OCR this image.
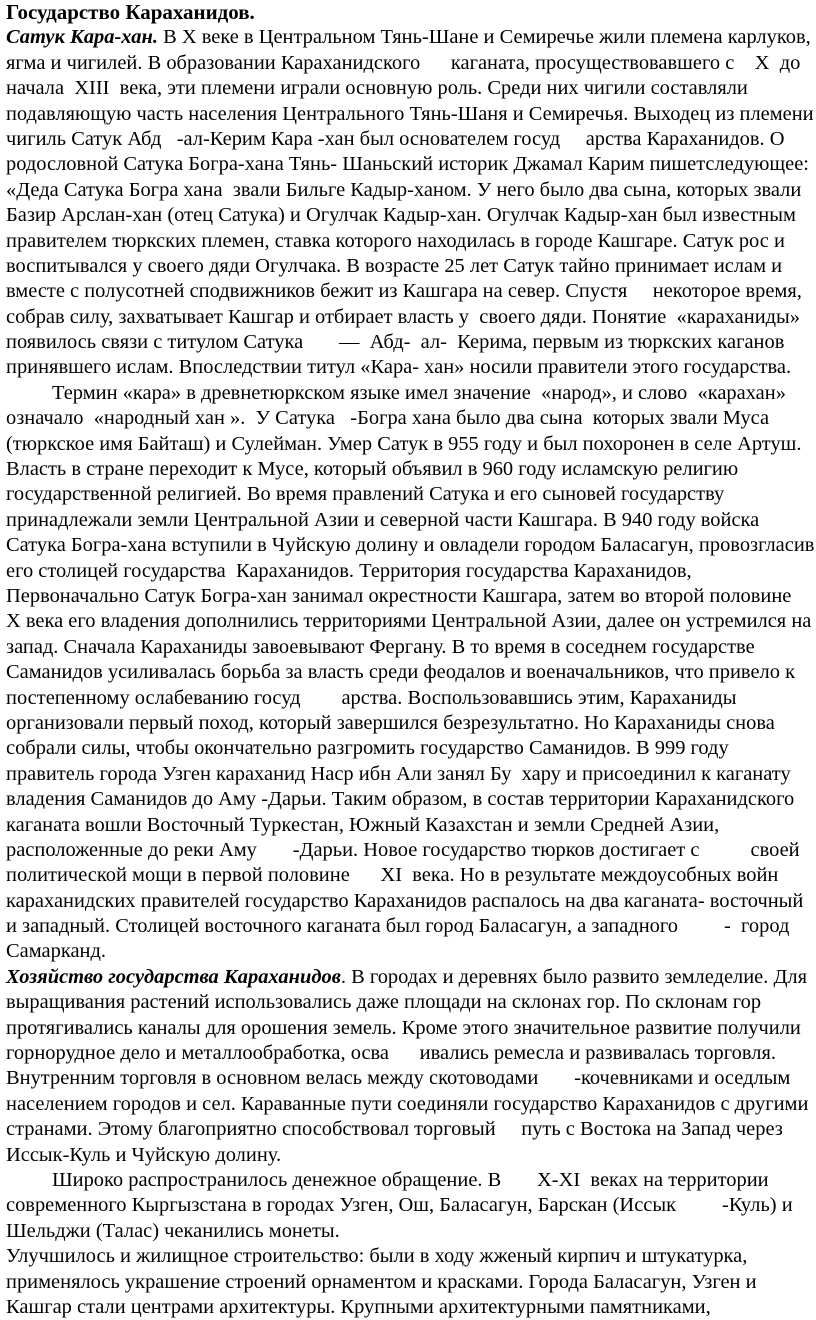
Государство Караханидов.
Сатук Кара-хан. В X веке в Центральном Тянь-Шане и Семиречье жили племена карлуков,
ягма и чигилей. В образовании Караханидского      каганата, просуществовавшего с    X  до
начала  XIII  века, эти племени играли основную роль. Среди них чигили составляли
подавляющую часть населения Центрального Тянь-Шаня и Семиречья. Выходец из племени
чигиль Сатук Абд   -ал-Керим Кара -хан был основателем госуд     арства Караханидов. О
родословной Сатука Богра-хана Тянь- Шаньский историк Джамал Карим пишетследующее:
«Деда Сатука Богра хана  звали Бильге Кадыр-ханом. У него было два сына, которых звали
Базир Арслан-хан (отец Сатука) и Огулчак Кадыр-хан. Огулчак Кадыр-хан был известным
правителем тюркских племен, ставка которого находилась в городе Кашгаре. Сатук рос и
воспитывался у своего дяди Огулчака. В возрасте 25 лет Сатук тайно принимает ислам и
вместе с полусотней сподвижников бежит из Кашгара на север. Спустя     некоторое время,
собрав силу, захватывает Кашгар и отбирает власть у  своего дяди. Понятие  «караханиды»
появилось связи с титулом Сатука       —  Абд-  ал-  Керима, первым из тюркских каганов
принявшего ислам. Впоследствии титул «Кара- хан» носили правители этого государства.
Термин «кара» в древнетюркском языке имел значение  «народ», и слово  «карахан»
означало  «народный хан ».  У Сатука   -Богра хана было два сына  которых звали Муса
(тюркское имя Байташ) и Сулейман. Умер Сатук в 955 году и был похоронен в селе Артуш.
Власть в стране переходит к Мусе, который объявил в 960 году исламскую религию
государственной религией. Во время правлений Сатука и его сыновей государству
принадлежали земли Центральной Азии и северной части Кашгара. В 940 году войска
Сатука Богра-хана вступили в Чуйскую долину и овладели городом Баласагун, провозгласив
его столицей государства  Караханидов. Территория государства Караханидов,
Первоначально Сатук Богра-хан занимал окрестности Кашгара, затем во второй половине
X века его владения дополнились территориями Центральной Азии, далее он устремился на
запад. Сначала Караханиды завоевывают Фергану. В то время в соседнем государстве
Саманидов усиливалась борьба за власть среди феодалов и военачальников, что привело к
постепенному ослабеванию госуд        арства. Воспользовавшись этим, Караханиды
организовали первый поход, который завершился безрезультатно. Но Караханиды снова
собрали силы, чтобы окончательно разгромить государство Саманидов. В 999 году
правитель города Узген караханид Наср ибн Али занял Бу  хару и присоединил к каганату
владения Саманидов до Аму -Дарьи. Таким образом, в состав территории Караханидского
каганата вошли Восточный Туркестан, Южный Казахстан и земли Средней Азии,
расположенные до реки Аму       -Дарьи. Новое государство тюрков достигает с          своей
политической мощи в первой половине      XI  века. Но в результате междоусобных войн
караханидских правителей государство Караханидов распалось на два каганата- восточный
и западный. Столицей восточного каганата был город Баласагун, а западного         -  город
Самарканд.
Хозяйство государства Караханидов. В городах и деревнях было развито земледелие. Для
выращивания растений использовались даже площади на склонах гор. По склонам гор
протягивались каналы для орошения земель. Кроме этого значительное развитие получили
горнорудное дело и металлообработка, осва      ивались ремесла и развивалась торговля.
Внутренним торговля в основном велась между скотоводами       -кочевниками и оседлым
населением городов и сел. Караванные пути соединяли государство Караханидов с другими
странами. Этому благоприятно способствовал торговый     путь с Востока на Запад через
Иссык-Куль и Чуйскую долину.
Широко распространилось денежное обращение. В       X-XI  веках на территории
современного Кыргызстана в городах Узген, Ош, Баласагун, Барскан (Иссык         -Куль) и
Шельджи (Талас) чеканились монеты.
Улучшилось и жилищное строительство: были в ходу жженый кирпич и штукатурка,
применялось украшение строений орнаментом и красками. Города Баласагун, Узген и
Кашгар стали центрами архитектуры. Крупными архитектурными памятниками,
